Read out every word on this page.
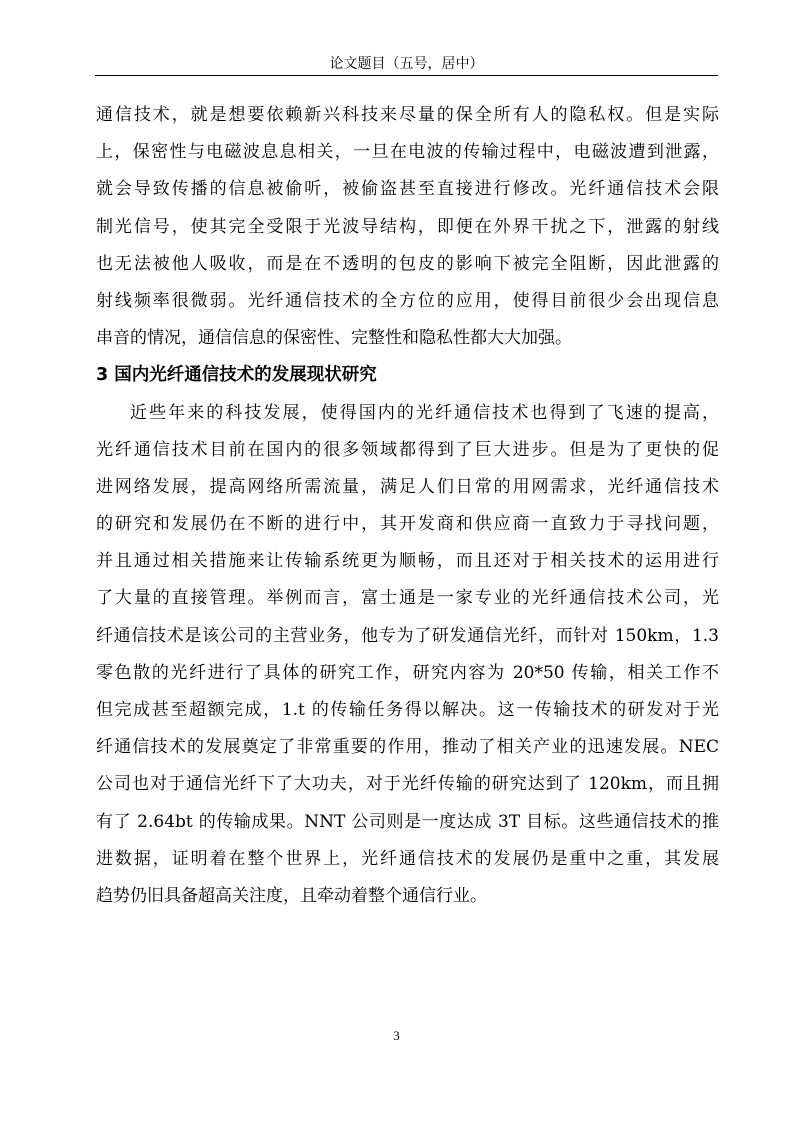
论文题目（五号，居中）
通信技术，就是想要依赖新兴科技来尽量的保全所有人的隐私权。但是实际
上，保密性与电磁波息息相关，一旦在电波的传输过程中，电磁波遭到泄露，
就会导致传播的信息被偷听，被偷盗甚至直接进行修改。光纤通信技术会限
制光信号，使其完全受限于光波导结构，即便在外界干扰之下，泄露的射线
也无法被他人吸收，而是在不透明的包皮的影响下被完全阻断，因此泄露的
射线频率很微弱。光纤通信技术的全方位的应用，使得目前很少会出现信息
串音的情况，通信信息的保密性、完整性和隐私性都大大加强。
3 国内光纤通信技术的发展现状研究
近些年来的科技发展，使得国内的光纤通信技术也得到了飞速的提高，
光纤通信技术目前在国内的很多领域都得到了巨大进步。但是为了更快的促
进网络发展，提高网络所需流量，满足人们日常的用网需求，光纤通信技术
的研究和发展仍在不断的进行中，其开发商和供应商一直致力于寻找问题，
并且通过相关措施来让传输系统更为顺畅，而且还对于相关技术的运用进行
了大量的直接管理。举例而言，富士通是一家专业的光纤通信技术公司，光
纤通信技术是该公司的主营业务，他专为了研发通信光纤，而针对 150km，1.3
零色散的光纤进行了具体的研究工作，研究内容为 20*50 传输，相关工作不
但完成甚至超额完成，1.t 的传输任务得以解决。这一传输技术的研发对于光
纤通信技术的发展奠定了非常重要的作用，推动了相关产业的迅速发展。NEC
公司也对于通信光纤下了大功夫，对于光纤传输的研究达到了 120km，而且拥
有了 2.64bt 的传输成果。NNT 公司则是一度达成 3T 目标。这些通信技术的推
进数据，证明着在整个世界上，光纤通信技术的发展仍是重中之重，其发展
趋势仍旧具备超高关注度，且牵动着整个通信行业。
3
